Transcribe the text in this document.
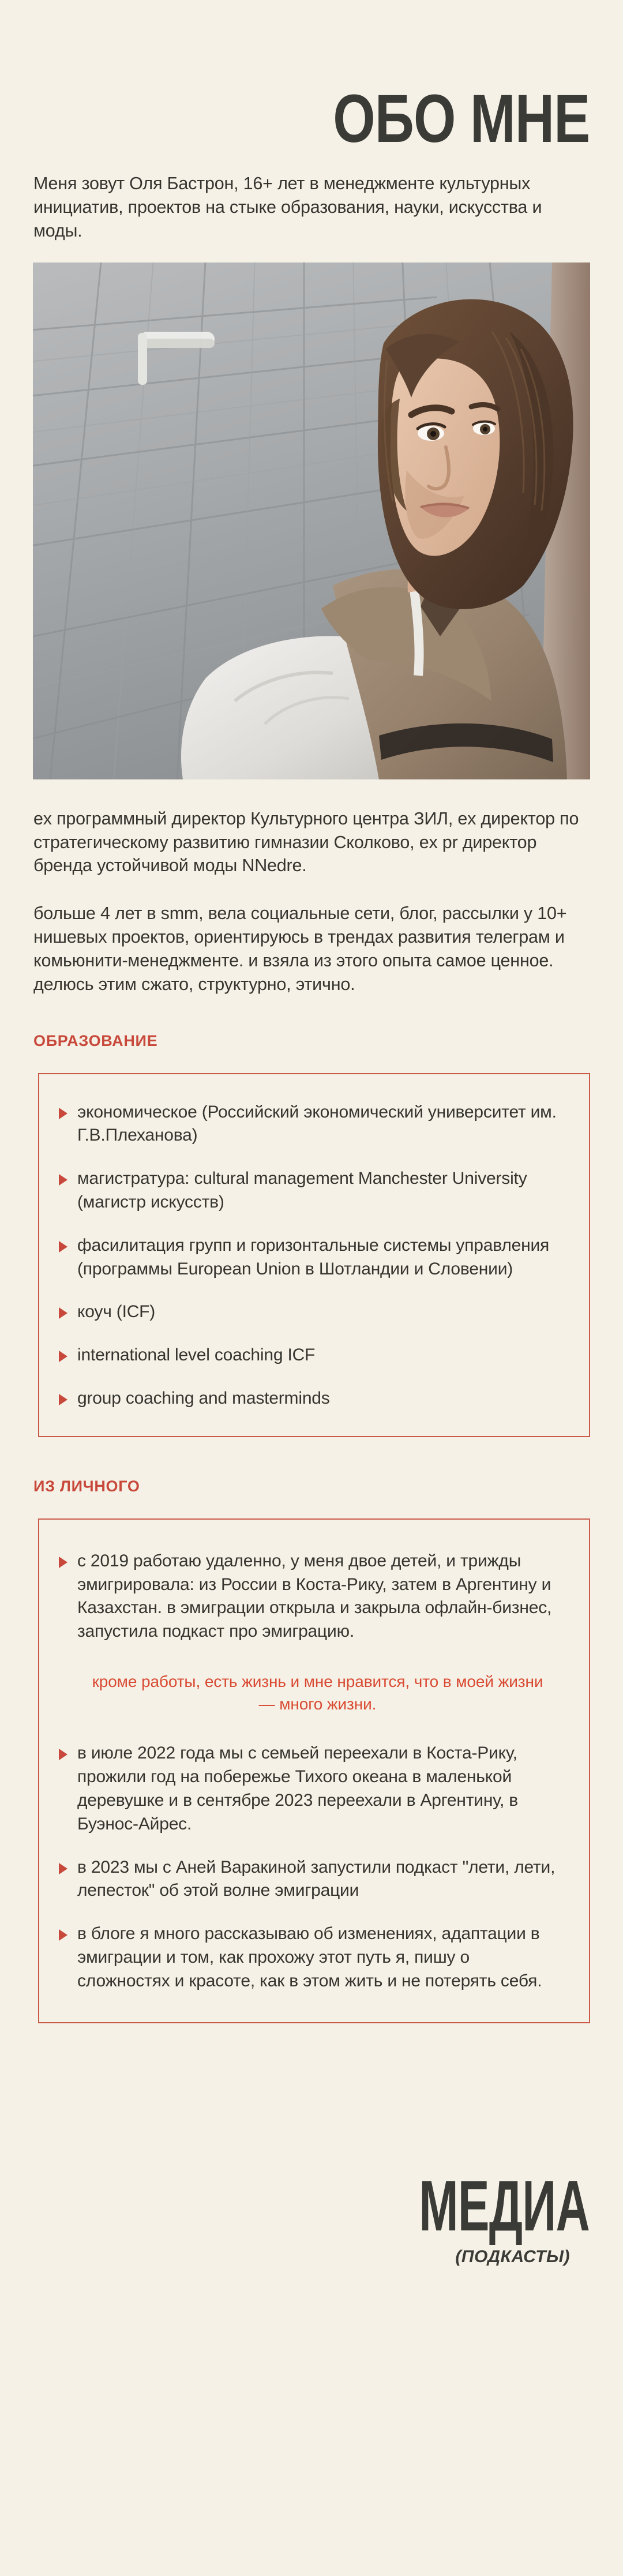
ОБО МНЕ
Меня зовут Оля Бастрон, 16+ лет в менеджменте культурных инициатив, проектов на стыке образования, науки, искусства и моды.
ex программный директор Культурного центра ЗИЛ, ex директор по стратегическому развитию гимназии Сколково, ex pr директор бренда устойчивой моды NNedre.
больше 4 лет в smm, вела социальные сети, блог, рассылки у 10+ нишевых проектов, ориентируюсь в трендах развития телеграм и комьюнити-менеджменте. и взяла из этого опыта самое ценное. делюсь этим сжато, структурно, этично.
ОБРАЗОВАНИЕ
экономическое (Российский экономический университет им. Г.В.Плеханова)
магистратура: cultural management Manchester University (магистр искусств)
фасилитация групп и горизонтальные системы управления (программы European Union в Шотландии и Словении)
коуч (ICF)
international level coaching ICF
group coaching and masterminds
ИЗ ЛИЧНОГО
с 2019 работаю удаленно, у меня двое детей, и трижды эмигрировала: из России в Коста-Рику, затем в Аргентину и Казахстан. в эмиграции открыла и закрыла офлайн-бизнес, запустила подкаст про эмиграцию.
кроме работы, есть жизнь и мне нравится, что в моей жизни — много жизни.
в июле 2022 года мы с семьей переехали в Коста-Рику, прожили год на побережье Тихого океана в маленькой деревушке и в сентябре 2023 переехали в Аргентину, в Буэнос-Айрес.
в 2023 мы с Аней Варакиной запустили подкаст "лети, лети, лепесток" об этой волне эмиграции
в блоге я много рассказываю об изменениях, адаптации в эмиграции и том, как прохожу этот путь я, пишу о сложностях и красоте, как в этом жить и не потерять себя.
МЕДИА
(ПОДКАСТЫ)
